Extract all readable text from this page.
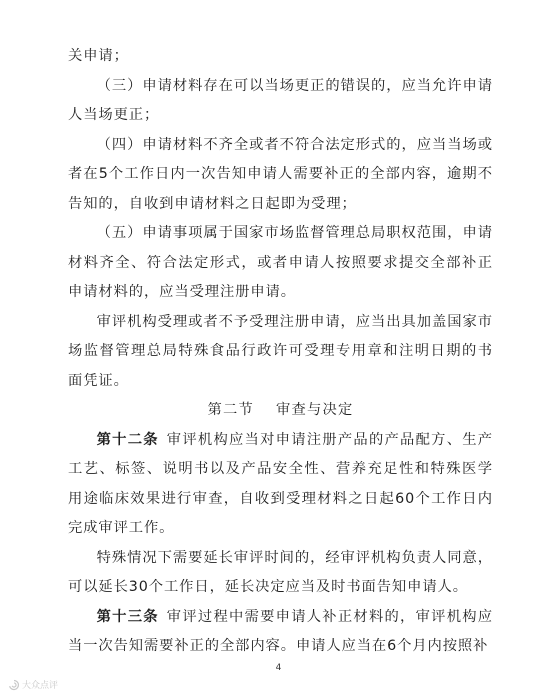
关申请；

（三）申请材料存在可以当场更正的错误的，应当允许申请人当场更正；

（四）申请材料不齐全或者不符合法定形式的，应当当场或者在5个工作日内一次告知申请人需要补正的全部内容，逾期不告知的，自收到申请材料之日起即为受理；

（五）申请事项属于国家市场监督管理总局职权范围，申请材料齐全、符合法定形式，或者申请人按照要求提交全部补正申请材料的，应当受理注册申请。

审评机构受理或者不予受理注册申请，应当出具加盖国家市场监督管理总局特殊食品行政许可受理专用章和注明日期的书面凭证。

第二节 审查与决定

第十二条 审评机构应当对申请注册产品的产品配方、生产工艺、标签、说明书以及产品安全性、营养充足性和特殊医学用途临床效果进行审查，自收到受理材料之日起60个工作日内完成审评工作。

特殊情况下需要延长审评时间的，经审评机构负责人同意，可以延长30个工作日，延长决定应当及时书面告知申请人。

第十三条 审评过程中需要申请人补正材料的，审评机构应当一次告知需要补正的全部内容。申请人应当在6个月内按照补

4
大众点评
